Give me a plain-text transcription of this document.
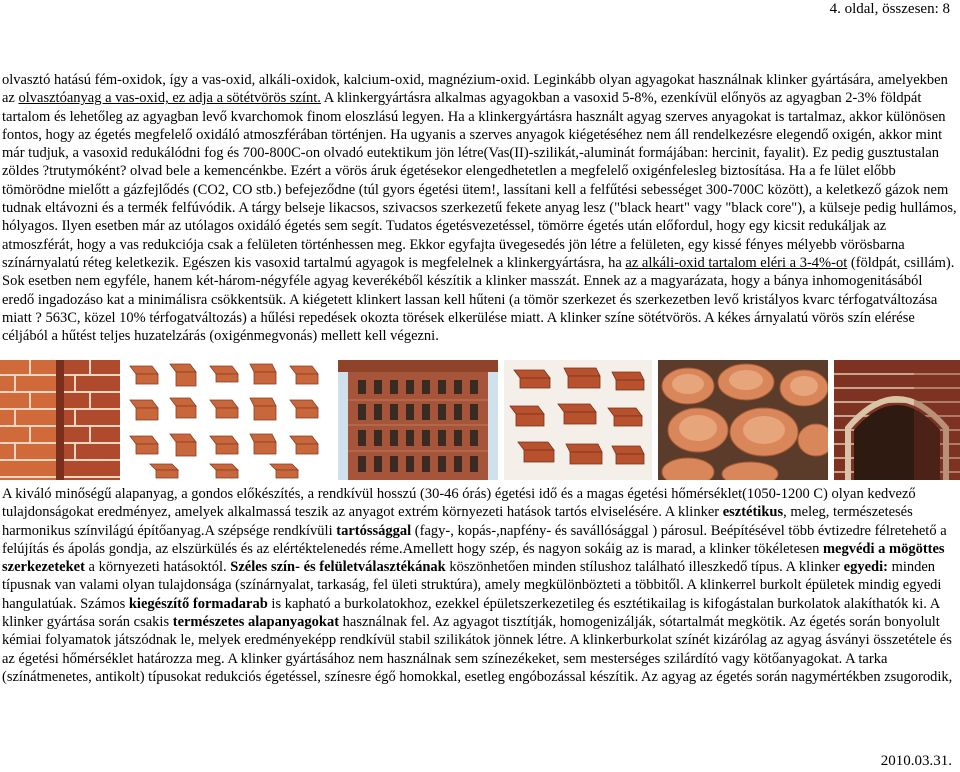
4. oldal, összesen: 8

olvasztó hatású fém-oxidok, így a vas-oxid, alkáli-oxidok, kalcium-oxid, magnézium-oxid. Leginkább olyan agyagokat használnak klinker gyártására, amelyekben az olvasztóanyag a vas-oxid, ez adja a sötétvörös színt. A klinkergyártásra alkalmas agyagokban a vasoxid 5-8%, ezenkívül előnyös az agyagban 2-3% földpát tartalom és lehetőleg az agyagban levő kvarchomok finom eloszlású legyen. Ha a klinkergyártásra használt agyag szerves anyagokat is tartalmaz, akkor különösen fontos, hogy az égetés megfelelő oxidáló atmoszférában történjen. Ha ugyanis a szerves anyagok kiégetéséhez nem áll rendelkezésre elegendő oxigén, akkor mint már tudjuk, a vasoxid redukálódni fog és 700-800C-on olvadó eutektikum jön létre(Vas(II)-szilikát,-aluminát formájában: hercinit, fayalit). Ez pedig gusztustalan zöldes ?trutymóként? olvad bele a kemencénkbe. Ezért a vörös áruk égetésekor elengedhetetlen a megfelelő oxigénfelesleg biztosítása. Ha a fe lület előbb tömörödne mielőtt a gázfejlődés (CO2, CO stb.) befejeződne (túl gyors égetési ütem!, lassítani kell a felfűtési sebességet 300-700C között), a keletkező gázok nem tudnak eltávozni és a termék felfúvódik. A tárgy belseje likacsos, szivacsos szerkezetű fekete anyag lesz ("black heart" vagy "black core"), a külseje pedig hullámos, hólyagos. Ilyen esetben már az utólagos oxidáló égetés sem segít. Tudatos égetésvezetéssel, tömörre égetés után előfordul, hogy egy kicsit redukáljak az atmoszférát, hogy a vas redukciója csak a felületen történhessen meg. Ekkor egyfajta üvegesedés jön létre a felületen, egy kissé fényes mélyebb vörösbarna színárnyalatú réteg keletkezik. Egészen kis vasoxid tartalmú agyagok is megfelelnek a klinkergyártásra, ha az alkáli-oxid tartalom eléri a 3-4%-ot (földpát, csillám). Sok esetben nem egyféle, hanem két-három-négyféle agyag keverékéből készítik a klinker masszát. Ennek az a magyarázata, hogy a bánya inhomogenitásából eredő ingadozáso kat a minimálisra csökkentsük. A kiégetett klinkert lassan kell hűteni (a tömör szerkezet és szerkezetben levő kristályos kvarc térfogatváltozása miatt ? 563C, közel 10% térfogatváltozás) a hűlési repedések okozta törések elkerülése miatt. A klinker színe sötétvörös. A kékes árnyalatú vörös szín elérése céljából a hűtést teljes huzatelzárás (oxigénmegvonás) mellett kell végezni.

A kiváló minőségű alapanyag, a gondos előkészítés, a rendkívül hosszú (30-46 órás) égetési idő és a magas égetési hőmérséklet(1050-1200 C) olyan kedvező tulajdonságokat eredményez, amelyek alkalmassá teszik az anyagot extrém környezeti hatások tartós elviselésére. A klinker esztétikus, meleg, természetesés harmonikus színvilágú építőanyag.A szépsége rendkívüli tartóssággal (fagy-, kopás-,napfény- és savállósággal ) párosul. Beépítésével több évtizedre félretehető a felújítás és ápolás gondja, az elszürkülés és az elértéktelenedés réme.Amellett hogy szép, és nagyon sokáig az is marad, a klinker tökéletesen megvédi a mögöttes szerkezeteket a környezeti hatásoktól. Széles szín- és felületválasztékának köszönhetően minden stílushoz található illeszkedő típus. A klinker egyedi: minden típusnak van valami olyan tulajdonsága (színárnyalat, tarkaság, fel ületi struktúra), amely megkülönbözteti a többitől. A klinkerrel burkolt épületek mindig egyedi hangulatúak. Számos kiegészítő formadarab is kapható a burkolatokhoz, ezekkel épületszerkezetileg és esztétikailag is kifogástalan burkolatok alakíthatók ki. A klinker gyártása során csakis természetes alapanyagokat használnak fel. Az agyagot tisztítják, homogenizálják, sótartalmát megkötik. Az égetés során bonyolult kémiai folyamatok játszódnak le, melyek eredményeképp rendkívül stabil szilikátok jönnek létre. A klinkerburkolat színét kizárólag az agyag ásványi összetétele és az égetési hőmérséklet határozza meg. A klinker gyártásához nem használnak sem színezékeket, sem mesterséges szilárdító vagy kötőanyagokat. A tarka (színátmenetes, antikolt) típusokat redukciós égetéssel, színesre égő homokkal, esetleg engóbozással készítik. Az agyag az égetés során nagymértékben zsugorodik,

2010.03.31.
